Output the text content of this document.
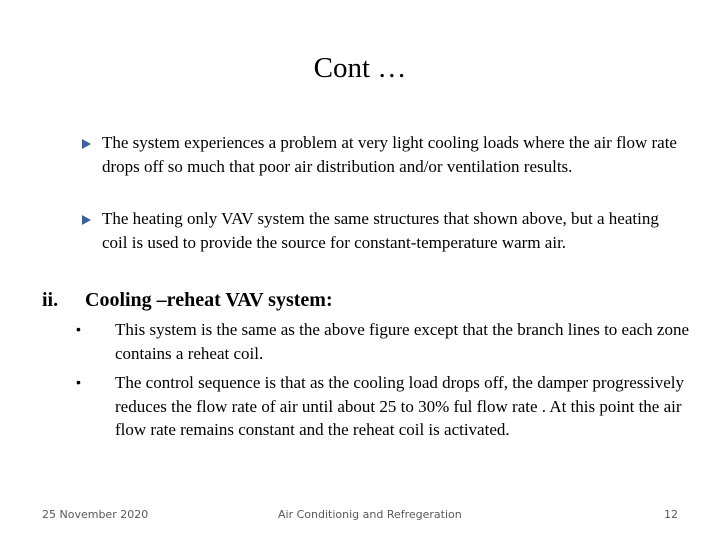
Cont …
The system experiences a problem at very light cooling loads where the air flow rate drops off so much that poor air distribution and/or ventilation results.
The heating only VAV system the same structures that shown above, but a heating coil is used to provide the source for constant-temperature warm air.
ii. Cooling –reheat VAV system:
• This system is the same as the above figure except that the branch lines to each zone contains a reheat coil.
• The control sequence is that as the cooling load drops off, the damper progressively reduces the flow rate of air until about 25 to 30% ful flow rate . At this point the air flow rate remains constant and the reheat coil is activated.
25 November 2020	Air Conditionig and Refregeration	12
